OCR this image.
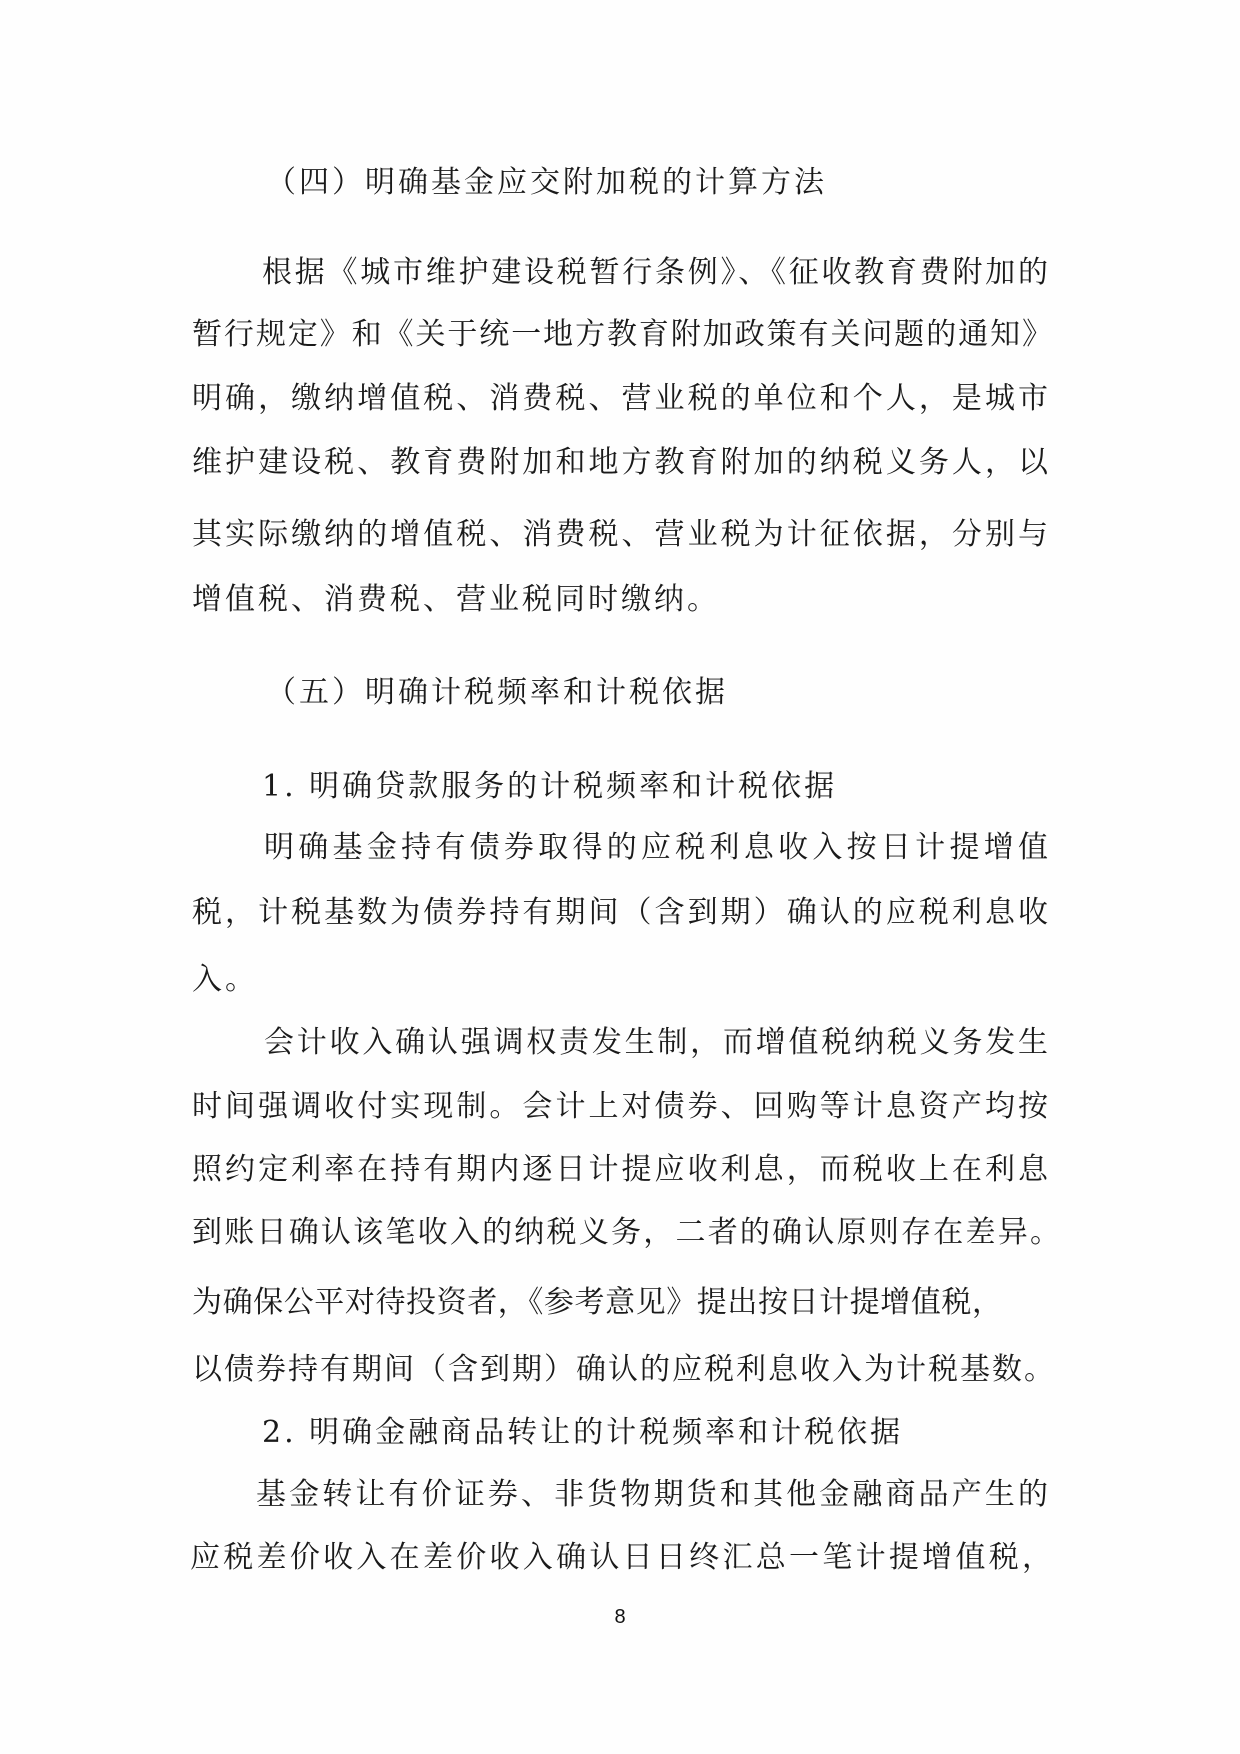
（四）明确基金应交附加税的计算方法
根据《城市维护建设税暂行条例》、《征收教育费附加的
暂行规定》和《关于统一地方教育附加政策有关问题的通知》
明确，缴纳增值税、消费税、营业税的单位和个人，是城市
维护建设税、教育费附加和地方教育附加的纳税义务人，以
其实际缴纳的增值税、消费税、营业税为计征依据，分别与
增值税、消费税、营业税同时缴纳。
（五）明确计税频率和计税依据
1. 明确贷款服务的计税频率和计税依据
明确基金持有债券取得的应税利息收入按日计提增值
税，计税基数为债券持有期间（含到期）确认的应税利息收
入。
会计收入确认强调权责发生制，而增值税纳税义务发生
时间强调收付实现制。会计上对债券、回购等计息资产均按
照约定利率在持有期内逐日计提应收利息，而税收上在利息
到账日确认该笔收入的纳税义务，二者的确认原则存在差异。
为确保公平对待投资者，《参考意见》提出按日计提增值税，
以债券持有期间（含到期）确认的应税利息收入为计税基数。
2. 明确金融商品转让的计税频率和计税依据
基金转让有价证券、非货物期货和其他金融商品产生的
应税差价收入在差价收入确认日日终汇总一笔计提增值税，
8
